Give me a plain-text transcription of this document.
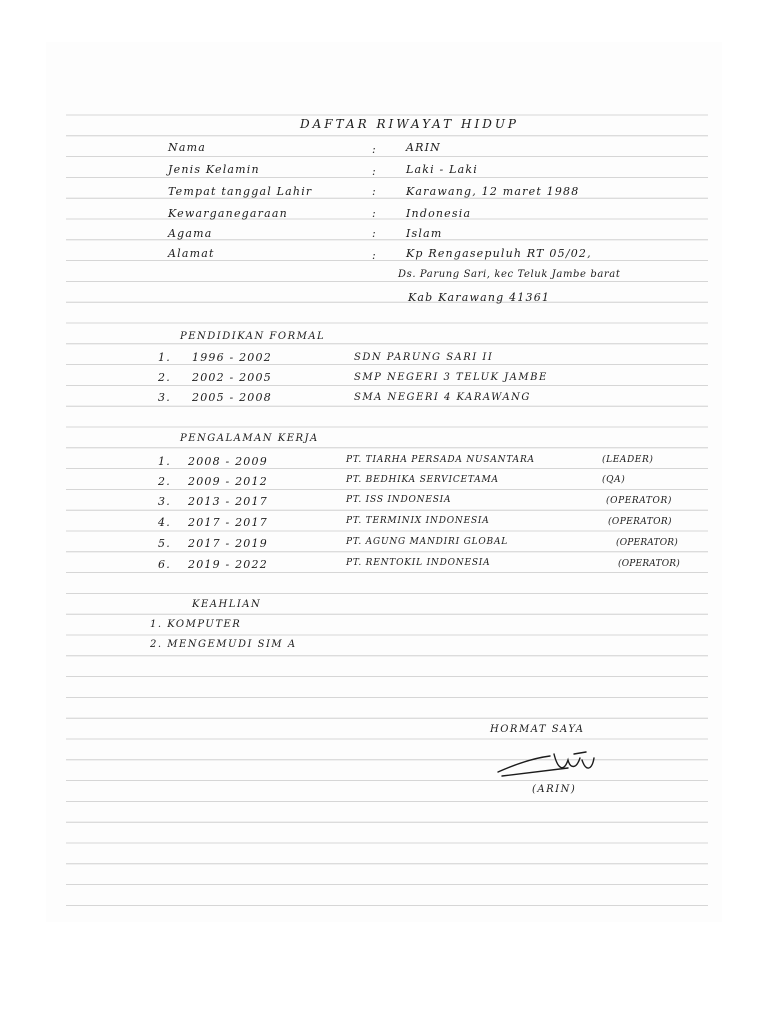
DAFTAR RIWAYAT HIDUP
Nama	:	ARIN
Jenis Kelamin	:	Laki - Laki
Tempat tanggal Lahir	:	Karawang, 12 maret 1988
Kewarganegaraan	:	Indonesia
Agama	:	Islam
Alamat	:	Kp Rengasepuluh RT 05/02,
Ds. Parung Sari, kec Teluk Jambe barat
Kab Karawang 41361
PENDIDIKAN FORMAL
1. 1996 - 2002	SDN PARUNG SARI II
2. 2002 - 2005	SMP NEGERI 3 TELUK JAMBE
3. 2005 - 2008	SMA NEGERI 4 KARAWANG
PENGALAMAN KERJA
1. 2008 - 2009	PT. TIARHA PERSADA NUSANTARA	(LEADER)
2. 2009 - 2012	PT. BEDHIKA SERVICETAMA	(QA)
3. 2013 - 2017	PT. ISS INDONESIA	(OPERATOR)
4. 2017 - 2017	PT. TERMINIX INDONESIA	(OPERATOR)
5. 2017 - 2019	PT. AGUNG MANDIRI GLOBAL	(OPERATOR)
6. 2019 - 2022	PT. RENTOKIL INDONESIA	(OPERATOR)
KEAHLIAN
1. KOMPUTER
2. MENGEMUDI SIM A
HORMAT SAYA
(ARIN)
